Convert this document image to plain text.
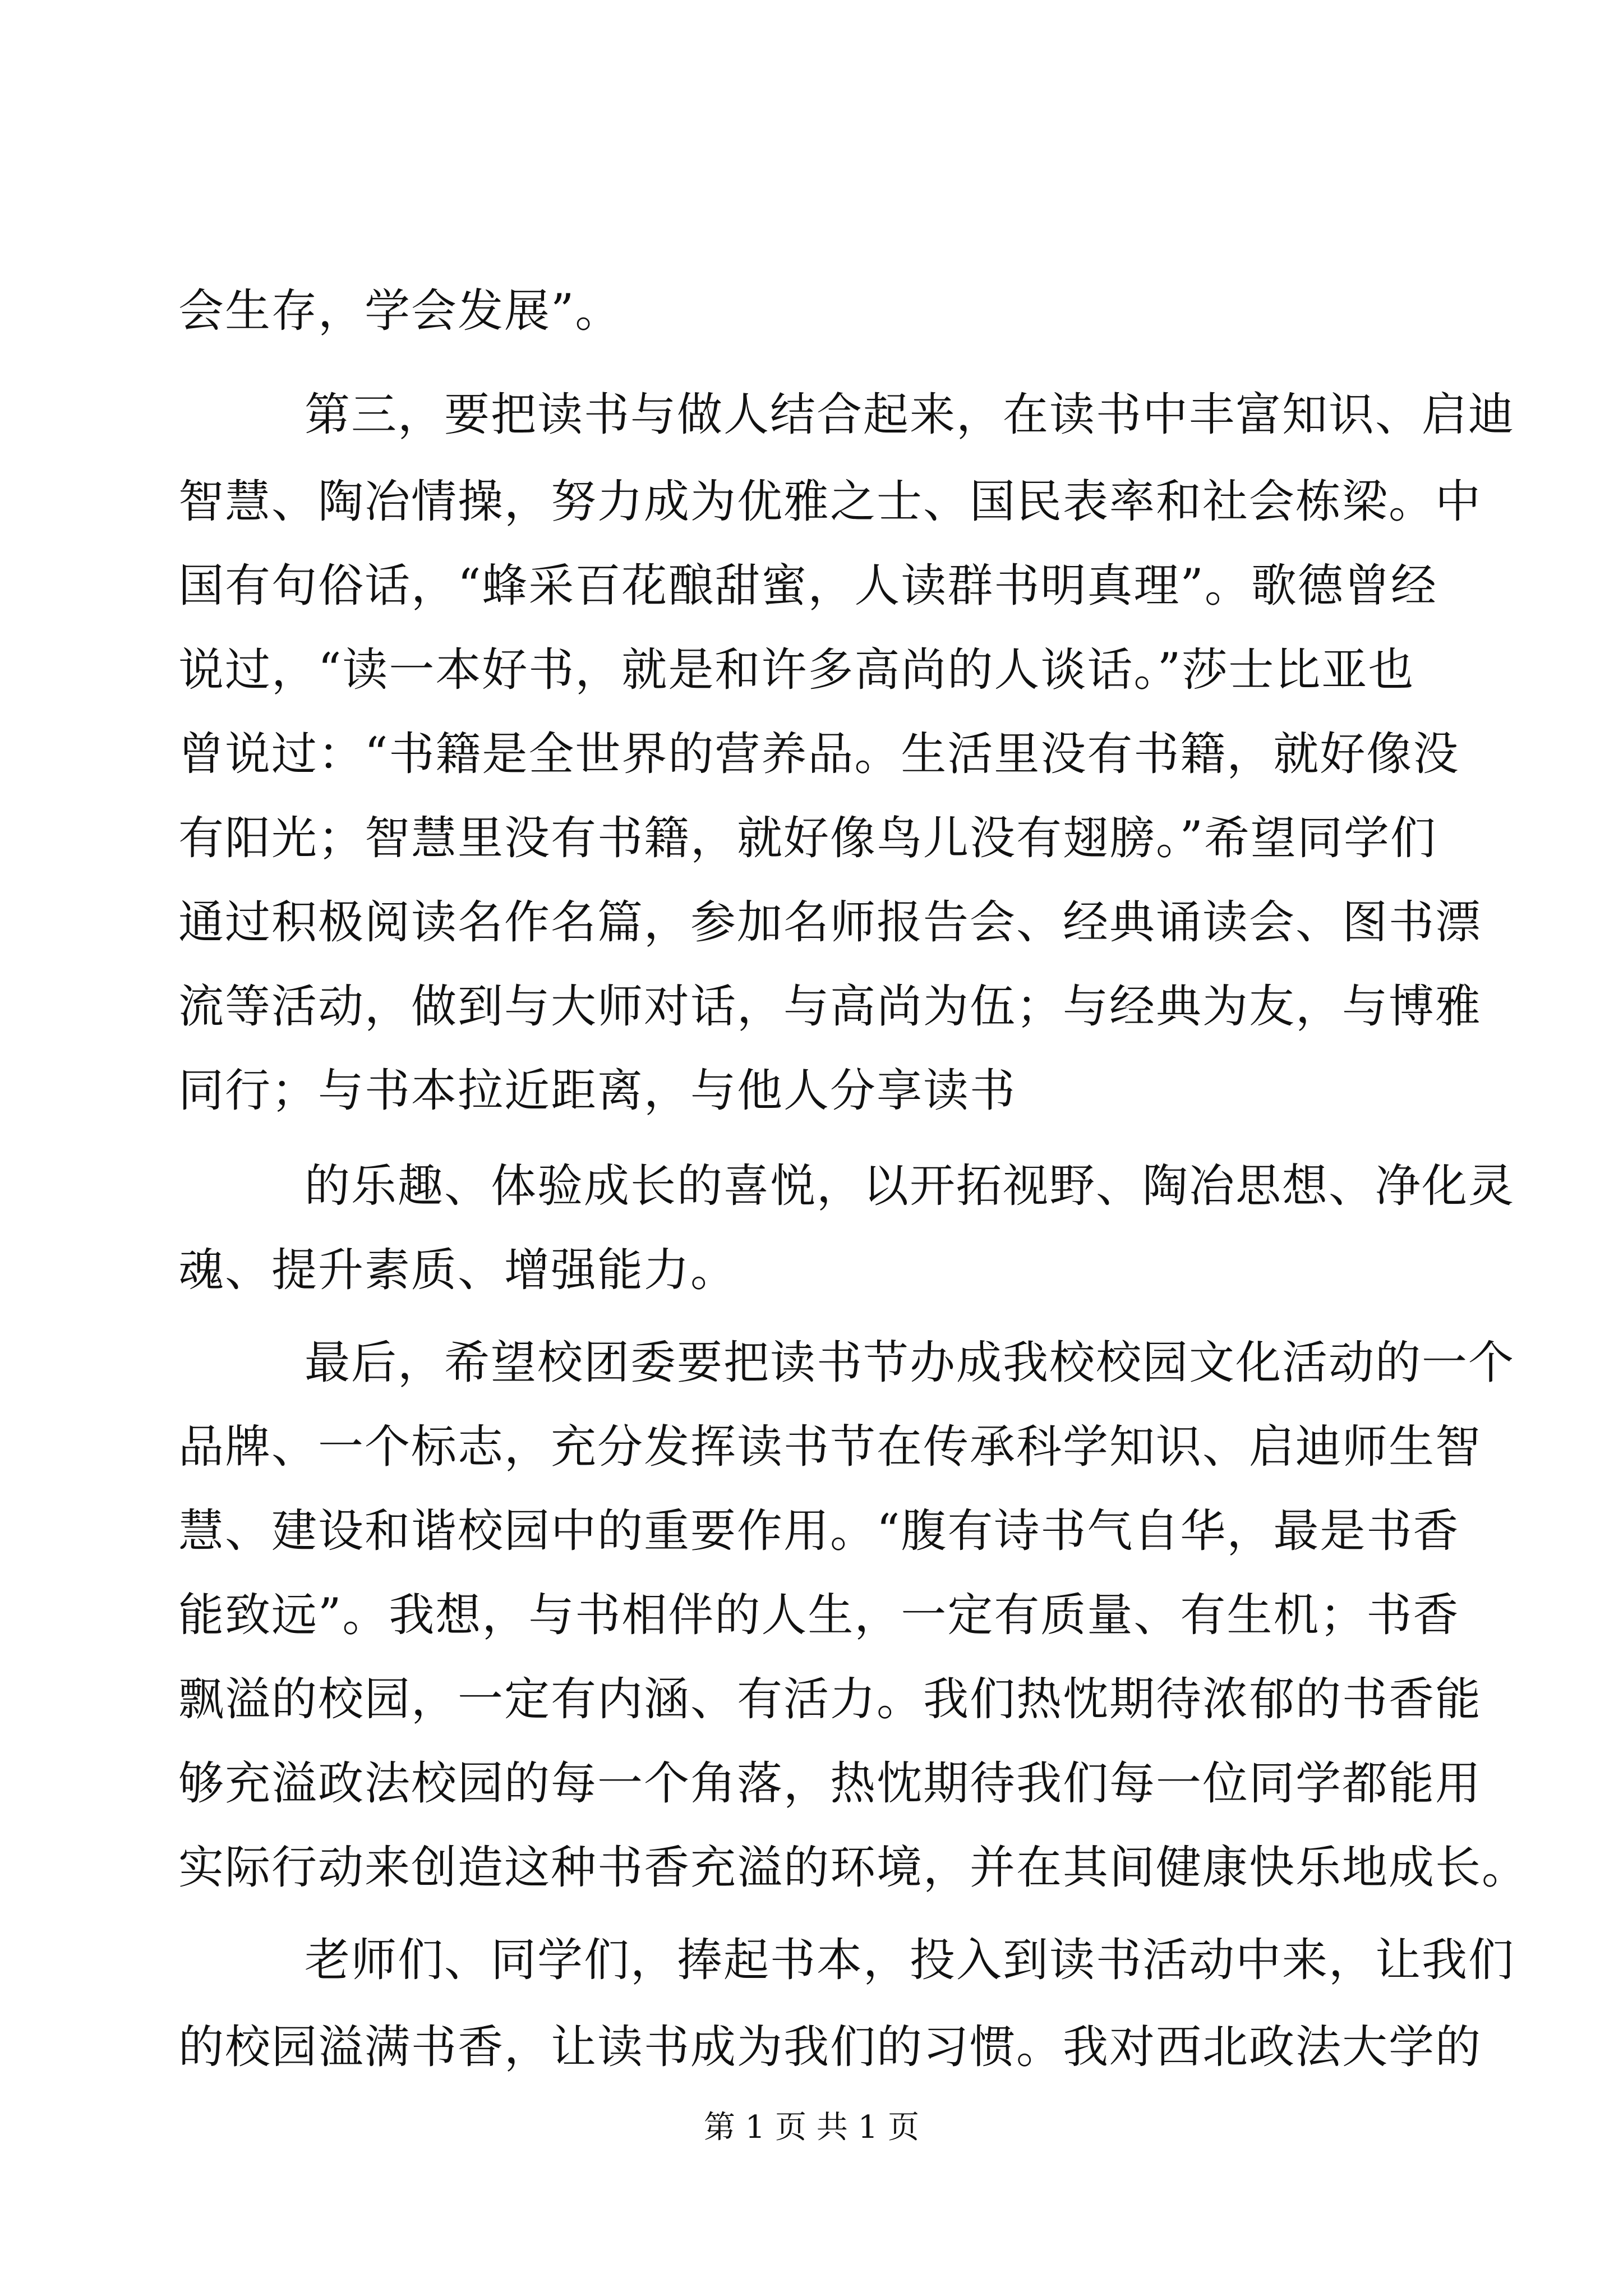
会生存，学会发展”。
第三，要把读书与做人结合起来，在读书中丰富知识、启迪
智慧、陶冶情操，努力成为优雅之士、国民表率和社会栋梁。中
国有句俗话，“蜂采百花酿甜蜜，人读群书明真理”。歌德曾经
说过，“读一本好书，就是和许多高尚的人谈话。”莎士比亚也
曾说过：“书籍是全世界的营养品。生活里没有书籍，就好像没
有阳光；智慧里没有书籍，就好像鸟儿没有翅膀。”希望同学们
通过积极阅读名作名篇，参加名师报告会、经典诵读会、图书漂
流等活动，做到与大师对话，与高尚为伍；与经典为友，与博雅
同行；与书本拉近距离，与他人分享读书
的乐趣、体验成长的喜悦，以开拓视野、陶冶思想、净化灵
魂、提升素质、增强能力。
最后，希望校团委要把读书节办成我校校园文化活动的一个
品牌、一个标志，充分发挥读书节在传承科学知识、启迪师生智
慧、建设和谐校园中的重要作用。“腹有诗书气自华，最是书香
能致远”。我想，与书相伴的人生，一定有质量、有生机；书香
飘溢的校园，一定有内涵、有活力。我们热忱期待浓郁的书香能
够充溢政法校园的每一个角落，热忱期待我们每一位同学都能用
实际行动来创造这种书香充溢的环境，并在其间健康快乐地成长。
老师们、同学们，捧起书本，投入到读书活动中来，让我们
的校园溢满书香，让读书成为我们的习惯。我对西北政法大学的
第 1 页 共 1 页
